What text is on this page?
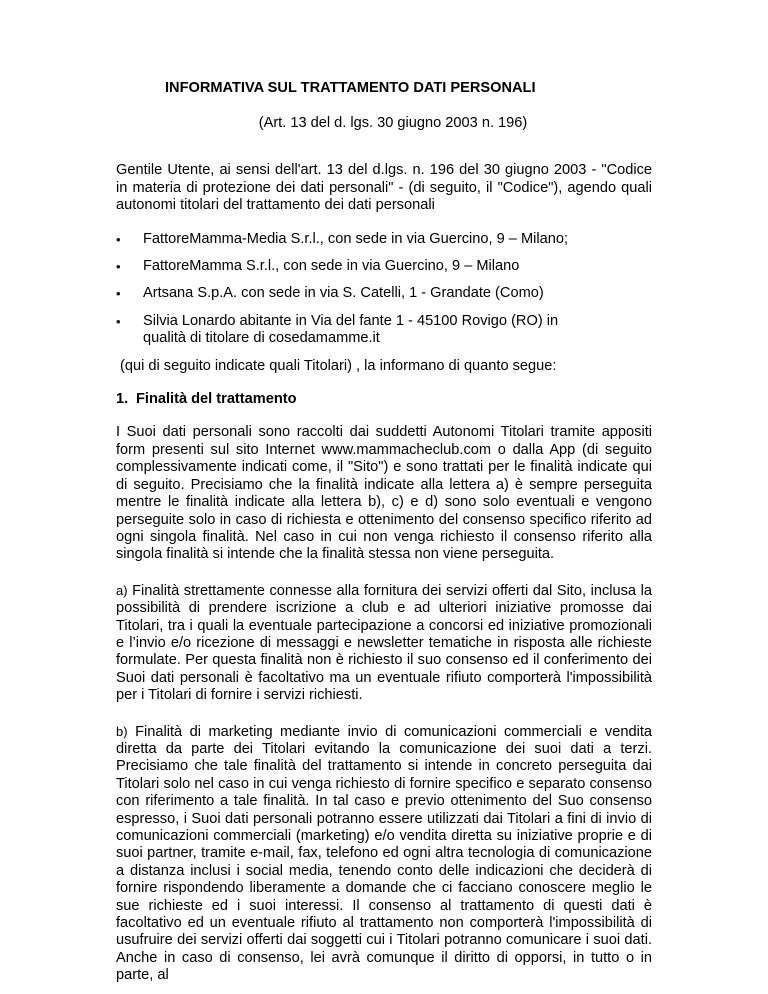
INFORMATIVA SUL TRATTAMENTO DATI PERSONALI

(Art. 13 del d. lgs. 30 giugno 2003 n. 196)

Gentile Utente, ai sensi dell'art. 13 del d.lgs. n. 196 del 30 giugno 2003 - "Codice in materia di protezione dei dati personali" - (di seguito, il "Codice"), agendo quali autonomi titolari del trattamento dei dati personali

• FattoreMamma-Media S.r.l., con sede in via Guercino, 9 – Milano;
• FattoreMamma S.r.l., con sede in via Guercino, 9 – Milano
• Artsana S.p.A. con sede in via S. Catelli, 1 - Grandate (Como)
• Silvia Lonardo abitante in Via del fante 1 - 45100 Rovigo (RO) in qualità di titolare di cosedamamme.it

(qui di seguito indicate quali Titolari) , la informano di quanto segue:

1. Finalità del trattamento

I Suoi dati personali sono raccolti dai suddetti Autonomi Titolari tramite appositi form presenti sul sito Internet www.mammacheclub.com o dalla App (di seguito complessivamente indicati come, il "Sito") e sono trattati per le finalità indicate qui di seguito. Precisiamo che la finalità indicate alla lettera a) è sempre perseguita mentre le finalità indicate alla lettera b), c) e d) sono solo eventuali e vengono perseguite solo in caso di richiesta e ottenimento del consenso specifico riferito ad ogni singola finalità. Nel caso in cui non venga richiesto il consenso riferito alla singola finalità si intende che la finalità stessa non viene perseguita.

a) Finalità strettamente connesse alla fornitura dei servizi offerti dal Sito, inclusa la possibilità di prendere iscrizione a club e ad ulteriori iniziative promosse dai Titolari, tra i quali la eventuale partecipazione a concorsi ed iniziative promozionali e l’invio e/o ricezione di messaggi e newsletter tematiche in risposta alle richieste formulate. Per questa finalità non è richiesto il suo consenso ed il conferimento dei Suoi dati personali è facoltativo ma un eventuale rifiuto comporterà l'impossibilità per i Titolari di fornire i servizi richiesti.

b) Finalità di marketing mediante invio di comunicazioni commerciali e vendita diretta da parte dei Titolari evitando la comunicazione dei suoi dati a terzi. Precisiamo che tale finalità del trattamento si intende in concreto perseguita dai Titolari solo nel caso in cui venga richiesto di fornire specifico e separato consenso con riferimento a tale finalità. In tal caso e previo ottenimento del Suo consenso espresso, i Suoi dati personali potranno essere utilizzati dai Titolari a fini di invio di comunicazioni commerciali (marketing) e/o vendita diretta su iniziative proprie e di suoi partner, tramite e-mail, fax, telefono ed ogni altra tecnologia di comunicazione a distanza inclusi i social media, tenendo conto delle indicazioni che deciderà di fornire rispondendo liberamente a domande che ci facciano conoscere meglio le sue richieste ed i suoi interessi. Il consenso al trattamento di questi dati è facoltativo ed un eventuale rifiuto al trattamento non comporterà l'impossibilità di usufruire dei servizi offerti dai soggetti cui i Titolari potranno comunicare i suoi dati. Anche in caso di consenso, lei avrà comunque il diritto di opporsi, in tutto o in parte, al
